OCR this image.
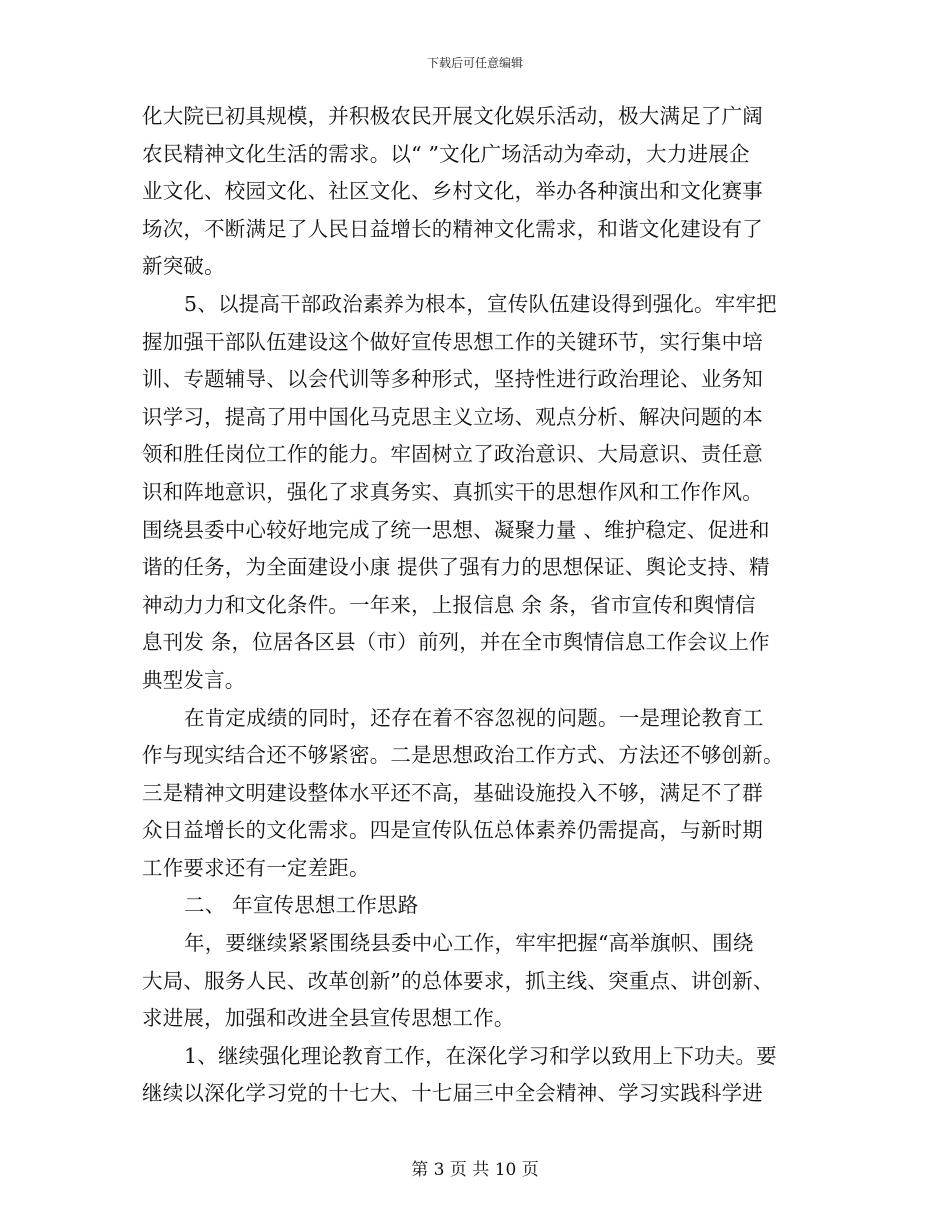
下载后可任意编辑
化大院已初具规模，并积极农民开展文化娱乐活动，极大满足了广阔
农民精神文化生活的需求。以“ ”文化广场活动为牵动，大力进展企
业文化、校园文化、社区文化、乡村文化，举办各种演出和文化赛事
场次，不断满足了人民日益增长的精神文化需求，和谐文化建设有了
新突破。
5、以提高干部政治素养为根本，宣传队伍建设得到强化。牢牢把
握加强干部队伍建设这个做好宣传思想工作的关键环节，实行集中培
训、专题辅导、以会代训等多种形式，坚持性进行政治理论、业务知
识学习，提高了用中国化马克思主义立场、观点分析、解决问题的本
领和胜任岗位工作的能力。牢固树立了政治意识、大局意识、责任意
识和阵地意识，强化了求真务实、真抓实干的思想作风和工作作风。
围绕县委中心较好地完成了统一思想、凝聚力量 、维护稳定、促进和
谐的任务，为全面建设小康 提供了强有力的思想保证、舆论支持、精
神动力力和文化条件。一年来，上报信息 余 条，省市宣传和舆情信
息刊发 条，位居各区县（市）前列，并在全市舆情信息工作会议上作
典型发言。
在肯定成绩的同时，还存在着不容忽视的问题。一是理论教育工
作与现实结合还不够紧密。二是思想政治工作方式、方法还不够创新。
三是精神文明建设整体水平还不高，基础设施投入不够，满足不了群
众日益增长的文化需求。四是宣传队伍总体素养仍需提高，与新时期
工作要求还有一定差距。
二、 年宣传思想工作思路
年，要继续紧紧围绕县委中心工作，牢牢把握“高举旗帜、围绕
大局、服务人民、改革创新”的总体要求，抓主线、突重点、讲创新、
求进展，加强和改进全县宣传思想工作。
1、继续强化理论教育工作，在深化学习和学以致用上下功夫。要
继续以深化学习党的十七大、十七届三中全会精神、学习实践科学进
第 3 页 共 10 页
